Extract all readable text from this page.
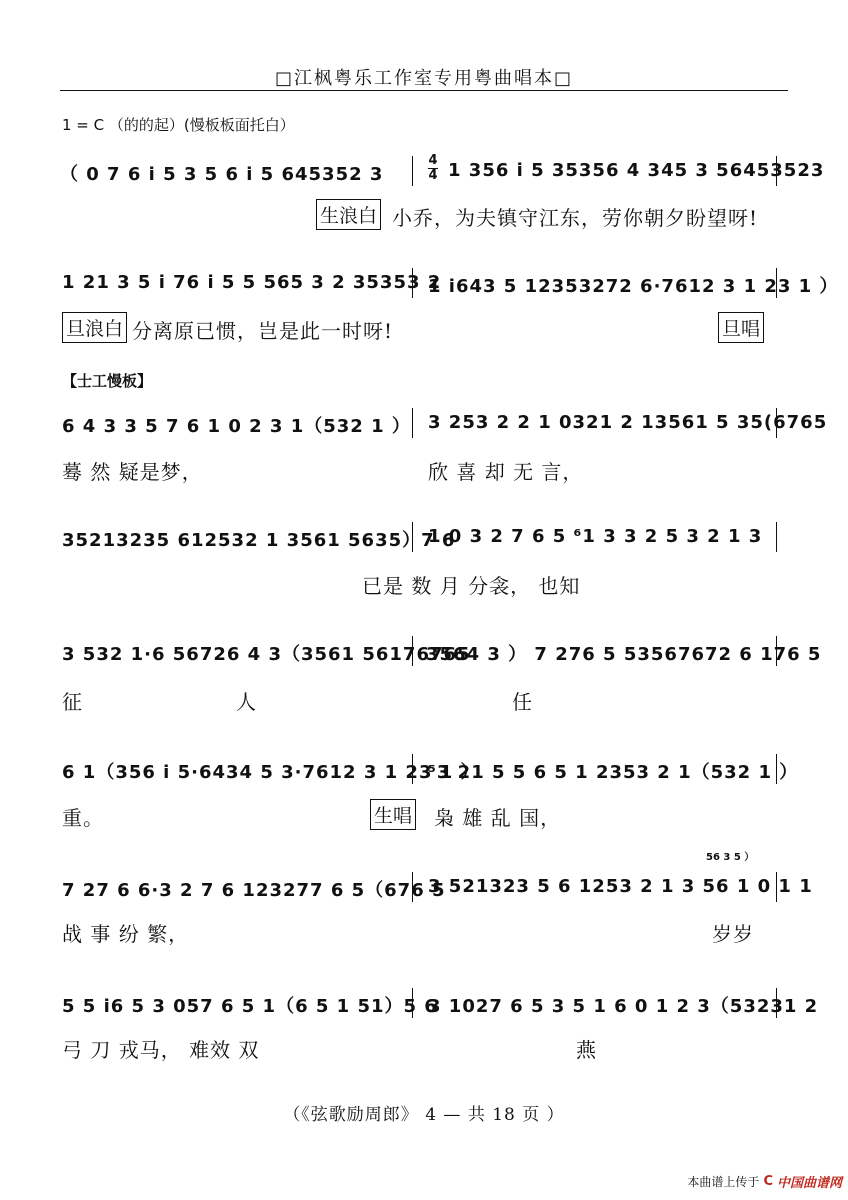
□江枫粤乐工作室专用粤曲唱本□
1 = C （的的起）(慢板板面托白）
（ 0 7 6 i 5 3 5 6 i 5 645352 3
4
4 1 356 i 5 35356 4 345 3 56453523
生浪白 小乔，为夫镇守江东，劳你朝夕盼望呀!
1 21 3 5 i 76 i 5 5 565 3 2 35353 2
1 i643 5 12353272 6·7612 3 1 23 1 ）
旦浪白 分离原已惯，岂是此一时呀!	旦唱
【士工慢板】
6 4 3 3 5 7 6 1 0 2 3 1（532 1 ） 3 253 2 2 1 0321 2 13561 5 35(6765
蓦 然 疑是梦，	欣 喜 却 无 言，
35213235 612532 1 3561 5635）7 6
1 0 3 2 7 6 5 ⁶1 3 3 2 5 3 2 1 3
已是 数 月 分衾， 也知
3 532 1·6 56726 4 3（3561 56176765
3564 3 ） 7 276 5 53567672 6 176 5
征	人	任
6 1（356 i 5·6434 5 3·7612 3 1 23 1 ）
⁵3 21 5 5 6 5 1 2353 2 1（532 1 ）
重。	生唱 枭 雄 乱 国，
56 3 5 ）
7 27 6 6·3 2 7 6 123277 6 5（676 5
3 521323 5 6 1253 2 1 3 56 1 0 1 1
战 事 纷 繁，	岁岁
5 5 i6 5 3 057 6 5 1（6 5 1 51）5 6
3 1027 6 5 3 5 1 6 0 1 2 3（53231 2
弓 刀 戎马， 难效 双	燕
（《弦歌励周郎》 4 — 共 18 页 ）
本曲谱上传于 C 中国曲谱网
